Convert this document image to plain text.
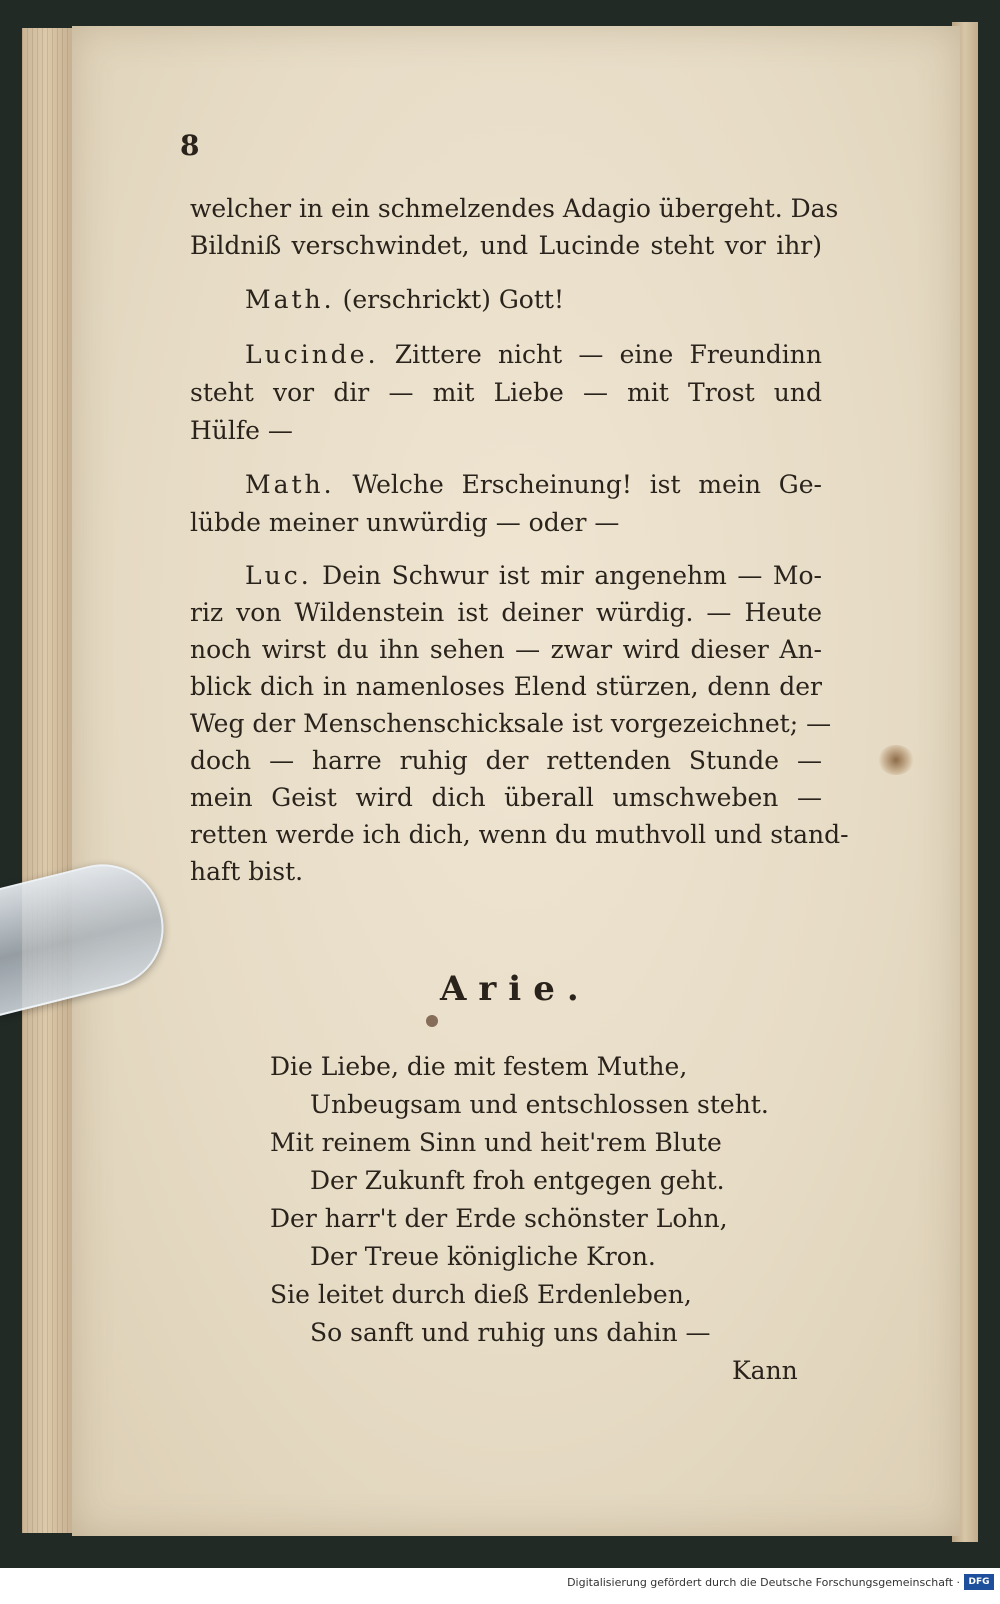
8
welcher in ein schmelzendes Adagio übergeht. Das
Bildniß verschwindet, und Lucinde steht vor ihr)
Math. (erschrickt) Gott!
Lucinde. Zittere nicht — eine Freundinn
steht vor dir — mit Liebe — mit Trost und
Hülfe —
Math. Welche Erscheinung! ist mein Ge-
lübde meiner unwürdig — oder —
Luc. Dein Schwur ist mir angenehm — Mo-
riz von Wildenstein ist deiner würdig. — Heute
noch wirst du ihn sehen — zwar wird dieser An-
blick dich in namenloses Elend stürzen, denn der
Weg der Menschenschicksale ist vorgezeichnet; —
doch — harre ruhig der rettenden Stunde —
mein Geist wird dich überall umschweben —
retten werde ich dich, wenn du muthvoll und stand-
haft bist.
Arie.
Die Liebe, die mit festem Muthe,
Unbeugsam und entschlossen steht.
Mit reinem Sinn und heit'rem Blute
Der Zukunft froh entgegen geht.
Der harr't der Erde schönster Lohn,
Der Treue königliche Kron.
Sie leitet durch dieß Erdenleben,
So sanft und ruhig uns dahin —
Kann
Digitalisierung gefördert durch die Deutsche Forschungsgemeinschaft · DFG
